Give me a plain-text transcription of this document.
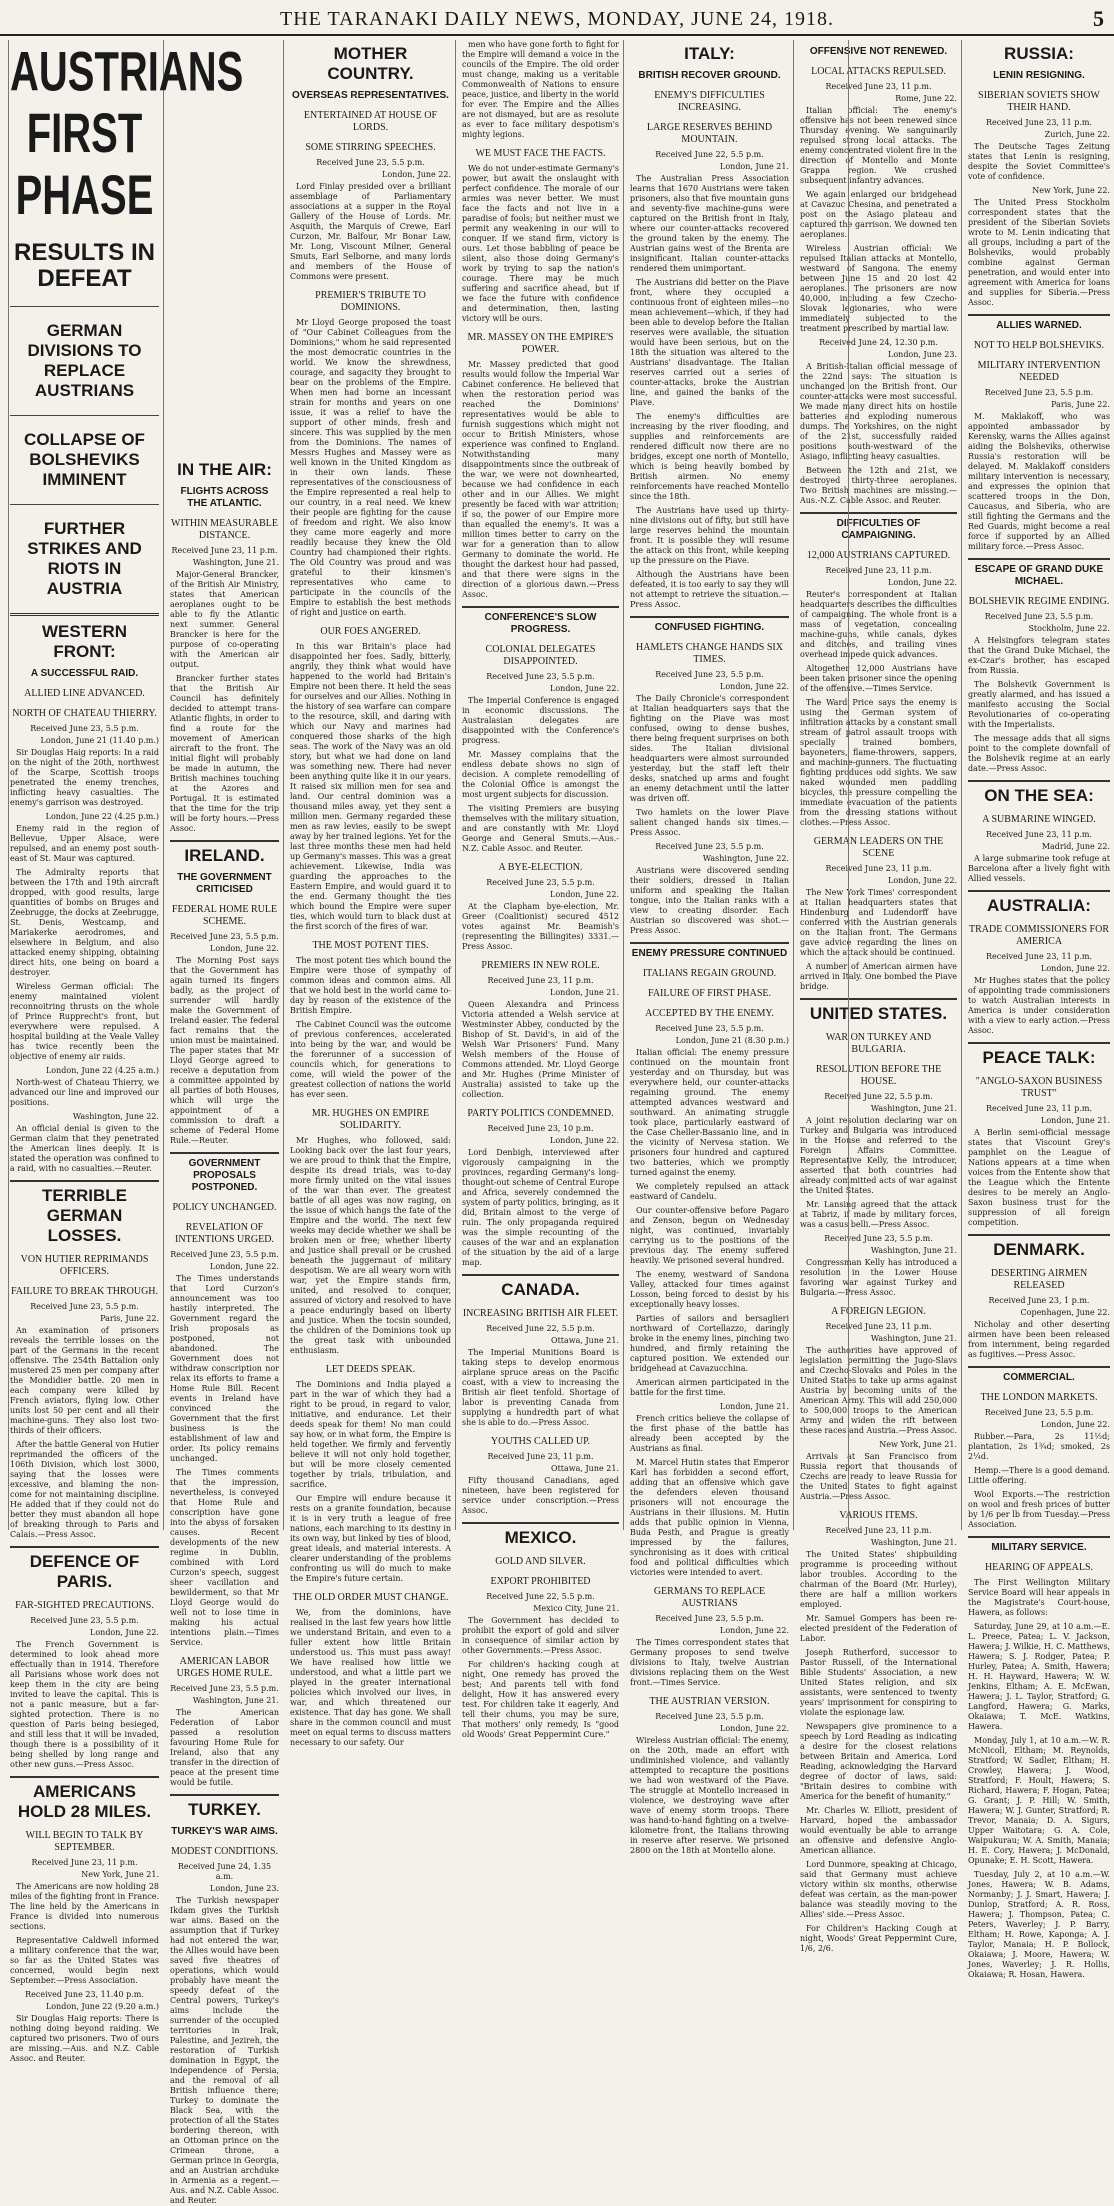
THE TARANAKI DAILY NEWS, MONDAY, JUNE 24, 1918.	5
AUSTRIANS FIRST PHASE
RESULTS IN DEFEAT
GERMAN DIVISIONS TO REPLACE AUSTRIANS
COLLAPSE OF BOLSHEVIKS IMMINENT
FURTHER STRIKES AND RIOTS IN AUSTRIA
WESTERN FRONT:
A SUCCESSFUL RAID.
ALLIED LINE ADVANCED.
NORTH OF CHATEAU THIERRY.
Received June 23, 5.5 p.m.
London, June 21 (11.40 p.m.)

Sir Douglas Haig reports: In a raid on the night of the 20th, northwest of the Scarpe, Scottish troops penetrated the enemy trenches, inflicting heavy casualties. The enemy's garrison was destroyed.

London, June 22 (4.25 p.m.)

Enemy raid in the region of Bellevue, Upper Alsace, were repulsed, and an enemy post south-east of St. Maur was captured.

The Admiralty reports that between the 17th and 19th aircraft dropped, with good results, large quantities of bombs on Bruges and Zeebrugge, the docks at Zeebrugge, St. Denis, Westcamp, and Mariakerke aerodromes, and elsewhere in Belgium, and also attacked enemy shipping, obtaining direct hits, one being on board a destroyer.

Wireless German official: The enemy maintained violent reconnoitring thrusts on the whole of Prince Rupprecht's front, but everywhere were repulsed. A hospital building at the Veale Valley has twice recently been the objective of enemy air raids.

London, June 22 (4.25 a.m.)

North-west of Chateau Thierry, we advanced our line and improved our positions.

Washington, June 22.

An official denial is given to the German claim that they penetrated the American lines deeply. It is stated the operation was confined to a raid, with no casualties.—Reuter.

TERRIBLE GERMAN LOSSES.
VON HUTIER REPRIMANDS OFFICERS.
FAILURE TO BREAK THROUGH.
Received June 23, 5.5 p.m.
Paris, June 22.

An examination of prisoners reveals the terrible losses on the part of the Germans in the recent offensive. The 254th Battalion only mustered 25 men per company after the Mondidier battle. 20 men in each company were killed by French aviators, flying low. Other units lost 50 per cent and all their machine-guns. They also lost two-thirds of their officers.

After the battle General von Hutier reprimanded the officers of the 106th Division, which lost 3000, saying that the losses were excessive, and blaming the non-come for not maintaining discipline. He added that if they could not do better they must abandon all hope of breaking through to Paris and Calais.—Press Assoc.

DEFENCE OF PARIS.
FAR-SIGHTED PRECAUTIONS.
Received June 23, 5.5 p.m.
London, June 22.

The French Government is determined to look ahead more effectually than in 1914. Therefore all Parisians whose work does not keep them in the city are being invited to leave the capital. This is not a panic measure, but a far-sighted protection. There is no question of Paris being besieged, and still less that it will be invaded, though there is a possibility of it being shelled by long range and other new guns.—Press Assoc.

AMERICANS HOLD 28 MILES.
WILL BEGIN TO TALK BY SEPTEMBER.
Received June 23, 11 p.m.
New York, June 21.

The Americans are now holding 28 miles of the fighting front in France. The line held by the Americans in France is divided into numerous sections.

Representative Caldwell informed a military conference that the war, so far as the United States was concerned, would begin next September.—Press Association.

Received June 23, 11.40 p.m.
London, June 22 (9.20 a.m.)

Sir Douglas Haig reports: There is nothing doing beyond raiding. We captured two prisoners. Two of ours are missing.—Aus. and N.Z. Cable Assoc. and Reuter.

IN THE AIR:
FLIGHTS ACROSS THE ATLANTIC.
WITHIN MEASURABLE DISTANCE.
Received June 23, 11 p.m.
Washington, June 21.

Major-General Brancker, of the British Air Ministry, states that American aeroplanes ought to be able to fly the Atlantic next summer. General Brancker is here for the purpose of co-operating with the American air output.

Brancker further states that the British Air Council has definitely decided to attempt trans-Atlantic flights, in order to find a route for the movement of American aircraft to the front. The initial flight will probably be made in autumn, the British machines touching at the Azores and Portugal. It is estimated that the time for the trip will be forty hours.—Press Assoc.

IRELAND.
THE GOVERNMENT CRITICISED
FEDERAL HOME RULE SCHEME.
Received June 23, 5.5 p.m.
London, June 22.

The Morning Post says that the Government has again turned its fingers badly, as the project of surrender will hardly make the Government of Ireland easier. The federal fact remains that the union must be maintained. The paper states that Mr Lloyd George agreed to receive a deputation from a committee appointed by all parties of both Houses, which will urge the appointment of a commission to draft a scheme of Federal Home Rule.—Reuter.

GOVERNMENT PROPOSALS POSTPONED.
POLICY UNCHANGED.
REVELATION OF INTENTIONS URGED.
Received June 23, 5.5 p.m.
London, June 22.

The Times understands that Lord Curzon's announcement was too hastily interpreted. The Government regard the Irish proposals as postponed, not abandoned. The Government does not withdraw conscription nor relax its efforts to frame a Home Rule Bill. Recent events in Ireland have convinced the Government that the first business is the establishment of law and order. Its policy remains unchanged.

The Times comments that the impression, nevertheless, is conveyed that Home Rule and conscription have gone into the abyss of forsaken causes. Recent developments of the new regime in Dublin, combined with Lord Curzon's speech, suggest sheer vacillation and bewilderment, so that Mr Lloyd George would do well not to lose time in making his actual intentions plain.—Times Service.

AMERICAN LABOR URGES HOME RULE.
Received June 23, 5.5 p.m.
Washington, June 21.

The American Federation of Labor passed a resolution favouring Home Rule for Ireland, also that any transfer in the direction of peace at the present time would be futile.

TURKEY.
TURKEY'S WAR AIMS.
MODEST CONDITIONS.
Received June 24, 1.35 a.m.
London, June 23.

The Turkish newspaper Ikdam gives the Turkish war aims. Based on the assumption that if Turkey had not entered the war, the Allies would have been saved five theatres of operations, which would probably have meant the speedy defeat of the Central powers, Turkey's aims include the surrender of the occupied territories in Irak, Palestine, and Jezireh, the restoration of Turkish domination in Egypt, the independence of Persia, and the removal of all British influence there; Turkey to dominate the Black Sea, with the protection of all the States bordering thereon, with an Ottoman prince on the Crimean throne, a German prince in Georgia, and an Austrian archduke in Armenia as a regent.—Aus. and N.Z. Cable Assoc. and Reuter.

MOTHER COUNTRY.
OVERSEAS REPRESENTATIVES.
ENTERTAINED AT HOUSE OF LORDS.
SOME STIRRING SPEECHES.
Received June 23, 5.5 p.m.
London, June 22.

Lord Finlay presided over a brilliant assemblage of Parliamentary associations at a supper in the Royal Gallery of the House of Lords. Mr. Asquith, the Marquis of Crewe, Earl Curzon, Mr. Balfour, Mr Bonar Law, Mr. Long, Viscount Milner, General Smuts, Earl Selborne, and many lords and members of the House of Commons were present.

PREMIER'S TRIBUTE TO DOMINIONS.

Mr Lloyd George proposed the toast of "Our Cabinet Colleagues from the Dominions," whom he said represented the most democratic countries in the world. We know the shrewdness, courage, and sagacity they brought to bear on the problems of the Empire. When men had borne an incessant strain for months and years on one issue, it was a relief to have the support of other minds, fresh and sincere. This was supplied by the men from the Dominions. The names of Messrs Hughes and Massey were as well known in the United Kingdom as in their own lands. These representatives of the consciousness of the Empire represented a real help to our country, in a real need. We knew their people are fighting for the cause of freedom and right. We also know they came more eagerly and more readily because they knew the Old Country had championed their rights. The Old Country was proud and was grateful to their kinsmen's representatives who came to participate in the councils of the Empire to establish the best methods of right and justice on earth.

OUR FOES ANGERED.

In this war Britain's place had disappointed her foes. Sadly, bitterly, angrily, they think what would have happened to the world had Britain's Empire not been there. It held the seas for ourselves and our Allies. Nothing in the history of sea warfare can compare to the resource, skill, and daring with which our Navy and marines had conquered those sharks of the high seas. The work of the Navy was an old story, but what we had done on land was something new. There had never been anything quite like it in our years. It raised six million men for sea and land. Our central dominion was a thousand miles away, yet they sent a million men. Germany regarded these men as raw levies, easily to be swept away by her trained legions. Yet for the last three months these men had held up Germany's masses. This was a great achievement. Likewise, India was guarding the approaches to the Eastern Empire, and would guard it to the end. Germany thought the ties which bound the Empire were super ties, which would turn to black dust at the first scorch of the fires of war.

THE MOST POTENT TIES.

The most potent ties which bound the Empire were those of sympathy of common ideas and common aims. All that we hold best in the world came to-day by reason of the existence of the British Empire.

The Cabinet Council was the outcome of previous conferences, accelerated into being by the war, and would be the forerunner of a succession of councils which, for generations to come, will wield the power of the greatest collection of nations the world has ever seen.

MR. HUGHES ON EMPIRE SOLIDARITY.

Mr Hughes, who followed, said: Looking back over the last four years, we are proud to think that the Empire, despite its dread trials, was to-day more firmly united on the vital issues of the war than ever. The greatest battle of all ages was now raging, on the issue of which hangs the fate of the Empire and the world. The next few weeks may decide whether we shall be broken men or free; whether liberty and justice shall prevail or be crushed beneath the juggernaut of military despotism. We are all weary worn with war, yet the Empire stands firm, united, and resolved to conquer, assured of victory and resolved to have a peace enduringly based on liberty and justice. When the tocsin sounded, the children of the Dominions took up the great task with unbounded enthusiasm.

LET DEEDS SPEAK.

The Dominions and India played a part in the war of which they had a right to be proud, in regard to valor, initiative, and endurance. Let their deeds speak for them! No man could say how, or in what form, the Empire is held together. We firmly and fervently believe it will not only hold together, but will be more closely cemented together by trials, tribulation, and sacrifice.

Our Empire will endure because it rests on a granite foundation, because it is in very truth a league of free nations, each marching to its destiny in its own way, but linked by ties of blood, great ideals, and material interests. A clearer understanding of the problems confronting us will do much to make the Empire's future certain.

THE OLD ORDER MUST CHANGE.

We, from the dominions, have realised in the last few years how little we understand Britain, and even to a fuller extent how little Britain understood us. This must pass away! We have realised how little we understood, and what a little part we played in the greater international policies which involved our lives, in war, and which threatened our existence. That day has gone. We shall share in the common council and must meet on equal terms to discuss matters necessary to our safety. Our

men who have gone forth to fight for the Empire will demand a voice in the councils of the Empire. The old order must change, making us a veritable Commonwealth of Nations to ensure peace, justice, and liberty in the world for ever. The Empire and the Allies are not dismayed, but are as resolute as ever to face military despotism's mighty legions.

WE MUST FACE THE FACTS.

We do not under-estimate Germany's power, but await the onslaught with perfect confidence. The morale of our armies was never better. We must face the facts and not live in a paradise of fools; but neither must we permit any weakening in our will to conquer. If we stand firm, victory is ours. Let those babbling of peace be silent, also those doing Germany's work by trying to sap the nation's courage. There may be much suffering and sacrifice ahead, but if we face the future with confidence and determination, then, lasting victory will be ours.

MR. MASSEY ON THE EMPIRE'S POWER.

Mr. Massey predicted that good results would follow the Imperial War Cabinet conference. He believed that when the restoration period was reached the Dominions' representatives would be able to furnish suggestions which might not occur to British Ministers, whose experience was confined to England. Notwithstanding many disappointments since the outbreak of the war, we were not downhearted, because we had confidence in each other and in our Allies. We might presently be faced with war attrition; if so, the power of our Empire more than equalled the enemy's. It was a million times better to carry on the war for a generation than to allow Germany to dominate the world. He thought the darkest hour had passed, and that there were signs in the direction of a glorious dawn.—Press Assoc.

CONFERENCE'S SLOW PROGRESS.
COLONIAL DELEGATES DISAPPOINTED.
Received June 23, 5.5 p.m.
London, June 22.

The Imperial Conference is engaged in economic discussions. The Australasian delegates are disappointed with the Conference's progress.

Mr. Massey complains that the endless debate shows no sign of decision. A complete remodelling of the Colonial Office is amongst the most urgent subjects for discussion.

The visiting Premiers are busying themselves with the military situation, and are constantly with Mr. Lloyd George and General Smuts.—Aus.-N.Z. Cable Assoc. and Reuter.

A BYE-ELECTION.
Received June 23, 5.5 p.m.
London, June 22.

At the Clapham bye-election, Mr. Greer (Coalitionist) secured 4512 votes against Mr. Beamish's (representing the Billingites) 3331.—Press Assoc.

PREMIERS IN NEW ROLE.
Received June 23, 11 p.m.
London, June 21.

Queen Alexandra and Princess Victoria attended a Welsh service at Westminster Abbey, conducted by the Bishop of St. David's, in aid of the Welsh War Prisoners' Fund. Many Welsh members of the House of Commons attended. Mr. Lloyd George and Mr. Hughes (Prime Minister of Australia) assisted to take up the collection.

PARTY POLITICS CONDEMNED.
Received June 23, 10 p.m.
London, June 22.

Lord Denbigh, interviewed after vigorously campaigning in the provinces, regarding Germany's long-thought-out scheme of Central Europe and Africa, severely condemned the system of party politics, bringing, as it did, Britain almost to the verge of ruin. The only propaganda required was the simple recounting of the causes of the war and an explanation of the situation by the aid of a large map.

CANADA.
INCREASING BRITISH AIR FLEET.
Received June 22, 5.5 p.m.
Ottawa, June 21.

The Imperial Munitions Board is taking steps to develop enormous airplane spruce areas on the Pacific coast, with a view to increasing the British air fleet tenfold. Shortage of labor is preventing Canada from supplying a hundredth part of what she is able to do.—Press Assoc.

YOUTHS CALLED UP.
Received June 23, 11 p.m.
Ottawa, June 21.

Fifty thousand Canadians, aged nineteen, have been registered for service under conscription.—Press Assoc.

MEXICO.
GOLD AND SILVER.
EXPORT PROHIBITED
Received June 22, 5.5 p.m.
Mexico City, June 21.

The Government has decided to prohibit the export of gold and silver in consequence of similar action by other Governments.—Press Assoc.

For children's hacking cough at night, One remedy has proved the best; And parents tell with fond delight, How it has answered every test. For children take it eagerly, And tell their chums, you may be sure, That mothers' only remedy, Is "good old Woods' Great Peppermint Cure."

ITALY:
BRITISH RECOVER GROUND.
ENEMY'S DIFFICULTIES INCREASING.
LARGE RESERVES BEHIND MOUNTAIN.
Received June 22, 5.5 p.m.
London, June 21.

The Australian Press Association learns that 1670 Austrians were taken prisoners, also that five mountain guns and seventy-five machine-guns were captured on the British front in Italy, where our counter-attacks recovered the ground taken by the enemy. The Austrian gains west of the Brenta are insignificant. Italian counter-attacks rendered them unimportant.

The Austrians did better on the Piave front, where they occupied a continuous front of eighteen miles—no mean achievement—which, if they had been able to develop before the Italian reserves were available, the situation would have been serious, but on the 18th the situation was altered to the Austrians' disadvantage. The Italian reserves carried out a series of counter-attacks, broke the Austrian line, and gained the banks of the Piave.

The enemy's difficulties are increasing by the river flooding, and supplies and reinforcements are rendered difficult now there are no bridges, except one north of Montello, which is being heavily bombed by British airmen. No enemy reinforcements have reached Montello since the 18th.

The Austrians have used up thirty-nine divisions out of fifty, but still have large reserves behind the mountain front. It is possible they will resume the attack on this front, while keeping up the pressure on the Piave.

Although the Austrians have been defeated, it is too early to say they will not attempt to retrieve the situation.—Press Assoc.

CONFUSED FIGHTING.
HAMLETS CHANGE HANDS SIX TIMES.
Received June 23, 5.5 p.m.
London, June 22.

The Daily Chronicle's correspondent at Italian headquarters says that the fighting on the Piave was most confused, owing to dense bushes, there being frequent surprises on both sides. The Italian divisional headquarters were almost surrounded yesterday, but the staff left their desks, snatched up arms and fought an enemy detachment until the latter was driven off.

Two hamlets on the lower Piave salient changed hands six times.—Press Assoc.

Received June 23, 5.5 p.m.
Washington, June 22.

Austrians were discovered sending their soldiers, dressed in Italian uniform and speaking the Italian tongue, into the Italian ranks with a view to creating disorder. Each Austrian so discovered was shot.—Press Assoc.

ENEMY PRESSURE CONTINUED
ITALIANS REGAIN GROUND.
FAILURE OF FIRST PHASE.
ACCEPTED BY THE ENEMY.
Received June 23, 5.5 p.m.
London, June 21 (8.30 p.m.)

Italian official: The enemy pressure continued on the mountain front yesterday and on Thursday, but was everywhere held, our counter-attacks regaining ground. The enemy attempted advances westward and southward. An animating struggle took place, particularly eastward of the Case Cheller-Bassanio line, and in the vicinity of Nervesa station. We prisoners four hundred and captured two batteries, which we promptly turned against the enemy.

We completely repulsed an attack eastward of Candelu.

Our counter-offensive before Pagaro and Zenson, begun on Wednesday night, was continued, invariably carrying us to the positions of the previous day. The enemy suffered heavily. We prisoned several hundred.

The enemy, westward of Sandona Valley, attacked four times against Losson, being forced to desist by his exceptionally heavy losses.

Parties of sailors and bersaglieri northward of Cortellazzo, daringly broke in the enemy lines, pinching two hundred, and firmly retaining the captured position. We extended our bridgehead at Cavazucchina.

American airmen participated in the battle for the first time.

London, June 21.

French critics believe the collapse of the first phase of the battle has already been accepted by the Austrians as final.

M. Marcel Hutin states that Emperor Karl has forbidden a second effort, adding that an offensive which gave the defenders eleven thousand prisoners will not encourage the Austrians in their illusions. M. Hutin adds that public opinion in Vienna, Buda Pesth, and Prague is greatly impressed by the failures, synchronising as it does with critical food and political difficulties which victories were intended to avert.

GERMANS TO REPLACE AUSTRIANS
Received June 23, 5.5 p.m.
London, June 22.

The Times correspondent states that Germany proposes to send twelve divisions to Italy, twelve Austrian divisions replacing them on the West front.—Times Service.

THE AUSTRIAN VERSION.
Received June 23, 5.5 p.m.
London, June 22.

Wireless Austrian official: The enemy, on the 20th, made an effort with undiminished violence, and valiantly attempted to recapture the positions we had won westward of the Piave. The struggle at Montello increased in violence, we destroying wave after wave of enemy storm troops. There was hand-to-hand fighting on a twelve-kilometre front, the Italians throwing in reserve after reserve. We prisoned 2800 on the 18th at Montello alone.

OFFENSIVE NOT RENEWED.
LOCAL ATTACKS REPULSED.
Received June 23, 11 p.m.
Rome, June 22.

Italian official: The enemy's offensive has not been renewed since Thursday evening. We sanguinarily repulsed strong local attacks. The enemy concentrated violent fire in the direction of Montello and Monte Grappa region. We crushed subsequent infantry advances.

We again enlarged our bridgehead at Cavazuc Chesina, and penetrated a post on the Asiago plateau and captured the garrison. We downed ten aeroplanes.

Wireless Austrian official: We repulsed Italian attacks at Montello, westward of Sangona. The enemy between June 15 and 20 lost 42 aeroplanes. The prisoners are now 40,000, including a few Czecho-Slovak legionaries, who were immediately subjected to the treatment prescribed by martial law.

Received June 24, 12.30 p.m.
London, June 23.

A British-Italian official message of the 22nd says: The situation is unchanged on the British front. Our counter-attacks were most successful. We made many direct hits on hostile batteries and exploding numerous dumps. The Yorkshires, on the night of the 21st, successfully raided positions south-westward of the Asiago, inflicting heavy casualties.

Between the 12th and 21st, we destroyed thirty-three aeroplanes. Two British machines are missing.—Aus.-N.Z. Cable Assoc. and Reuter.

DIFFICULTIES OF CAMPAIGNING.
12,000 AUSTRIANS CAPTURED.
Received June 23, 11 p.m.
London, June 22.

Reuter's correspondent at Italian headquarters describes the difficulties of campaigning. The whole front is a mass of vegetation, concealing machine-guns, while canals, dykes and ditches, and trailing vines overhead impede quick advances.

Altogether 12,000 Austrians have been taken prisoner since the opening of the offensive.—Times Service.

The Ward Price says the enemy is using the German system of infiltration attacks by a constant small stream of patrol assault troops with specially trained bombers, bayoneters, flame-throwers, sappers, and machine-gunners. The fluctuating fighting produces odd sights. We saw naked wounded men paddling bicycles, the pressure compelling the immediate evacuation of the patients from the dressing stations without clothes.—Press Assoc.

GERMAN LEADERS ON THE SCENE
Received June 23, 11 p.m.
London, June 22.

The New York Times' correspondent at Italian headquarters states that Hindenburg and Ludendorff have conferred with the Austrian generals on the Italian front. The Germans gave advice regarding the lines on which the attack should be continued.

A number of American airmen have arrived in Italy. One bombed the Piave bridge.

UNITED STATES.
WAR ON TURKEY AND BULGARIA.
RESOLUTION BEFORE THE HOUSE.
Received June 22, 5.5 p.m.
Washington, June 21.

A joint resolution declaring war on Turkey and Bulgaria was introduced in the House and referred to the Foreign Affairs Committee. Representative Kelly, the introducer, asserted that both countries had already committed acts of war against the United States.

Mr. Lansing agreed that the attack at Tabriz, if made by military forces, was a casus belli.—Press Assoc.

Received June 23, 5.5 p.m.
Washington, June 21.

Congressman Kelly has introduced a resolution in the Lower House favoring war against Turkey and Bulgaria.—Press Assoc.

A FOREIGN LEGION.
Received June 23, 11 p.m.
Washington, June 21.

The authorities have approved of legislation permitting the Jugo-Slavs and Czecho-Slovaks and Poles in the United States to take up arms against Austria by becoming units of the American Army. This will add 250,000 to 500,000 troops to the American Army and widen the rift between these races and Austria.—Press Assoc.

New York, June 21.

Arrivals at San Francisco from Russia report that thousands of Czechs are ready to leave Russia for the United States to fight against Austria.—Press Assoc.

VARIOUS ITEMS.
Received June 23, 11 p.m.
Washington, June 21.

The United States' shipbuilding programme is proceeding without labor troubles. According to the chairman of the Board (Mr. Hurley), there are half a million workers employed.

Mr. Samuel Gompers has been re-elected president of the Federation of Labor.

Joseph Rutherford, successor to Pastor Russell, of the International Bible Students' Association, a new United States religion, and six assistants, were sentenced to twenty years' imprisonment for conspiring to violate the espionage law.

Newspapers give prominence to a speech by Lord Reading as indicating a desire for the closest relations between Britain and America. Lord Reading, acknowledging the Harvard degree of doctor of laws, said: "Britain desires to combine with America for the benefit of humanity."

Mr. Charles W. Elliott, president of Harvard, hoped the ambassador would eventually be able to arrange an offensive and defensive Anglo-American alliance.

Lord Dunmore, speaking at Chicago, said that Germany must achieve victory within six months, otherwise defeat was certain, as the man-power balance was steadily moving to the Allies' side.—Press Assoc.

For Children's Hacking Cough at night, Woods' Great Peppermint Cure, 1/6, 2/6.

RUSSIA:
LENIN RESIGNING.
SIBERIAN SOVIETS SHOW THEIR HAND.
Received June 23, 11 p.m.
Zurich, June 22.

The Deutsche Tages Zeitung states that Lenin is resigning, despite the Soviet Committee's vote of confidence.

New York, June 22.

The United Press Stockholm correspondent states that the president of the Siberian Soviets wrote to M. Lenin indicating that all groups, including a part of the Bolsheviks, would probably combine against German penetration, and would enter into agreement with America for loans and supplies for Siberia.—Press Assoc.

ALLIES WARNED.
NOT TO HELP BOLSHEVIKS.
MILITARY INTERVENTION NEEDED
Received June 23, 5.5 p.m.
Paris, June 22.

M. Maklakoff, who was appointed ambassador by Kerensky, warns the Allies against aiding the Bolsheviks, otherwise Russia's restoration will be delayed. M. Maklakoff considers military intervention is necessary, and expresses the opinion that scattered troops in the Don, Caucasus, and Siberia, who are still fighting the Germans and the Red Guards, might become a real force if supported by an Allied military force.—Press Assoc.

ESCAPE OF GRAND DUKE MICHAEL.
BOLSHEVIK REGIME ENDING.
Received June 23, 5.5 p.m.
Stockholm, June 22.

A Helsingfors telegram states that the Grand Duke Michael, the ex-Czar's brother, has escaped from Russia.

The Bolshevik Government is greatly alarmed, and has issued a manifesto accusing the Social Revolutionaries of co-operating with the Imperialists.

The message adds that all signs point to the complete downfall of the Bolshevik regime at an early date.—Press Assoc.

ON THE SEA:
A SUBMARINE WINGED.
Received June 23, 11 p.m.
Madrid, June 22.

A large submarine took refuge at Barcelona after a lively fight with Allied vessels.

AUSTRALIA:
TRADE COMMISSIONERS FOR AMERICA
Received June 23, 11 p.m.
London, June 22.

Mr Hughes states that the policy of appointing trade commissioners to watch Australian interests in America is under consideration with a view to early action.—Press Assoc.

PEACE TALK:
"ANGLO-SAXON BUSINESS TRUST"
Received June 23, 11 p.m.
London, June 21.

A Berlin semi-official message states that Viscount Grey's pamphlet on the League of Nations appears at a time when voices from the Entente show that the League which the Entente desires to be merely an Anglo-Saxon business trust for the suppression of all foreign competition.

DENMARK.
DESERTING AIRMEN RELEASED
Received June 23, 1 p.m.
Copenhagen, June 22.

Nicholay and other deserting airmen have been been released from internment, being regarded as fugitives.—Press Assoc.

COMMERCIAL.
THE LONDON MARKETS.
Received June 23, 5.5 p.m.
London, June 22.

Rubber.—Para, 2s 11½d; plantation, 2s 1¾d; smoked, 2s 2¼d.

Hemp.—There is a good demand. Little offering.

Wool Exports.—The restriction on wool and fresh prices of butter by 1/6 per lb from Tuesday.—Press Association.

MILITARY SERVICE.
HEARING OF APPEALS.

The First Wellington Military Service Board will hear appeals in the Magistrate's Court-house, Hawera, as follows:

Saturday, June 29, at 10 a.m.—E. L. Preece, Patea; L. V. Jackson, Hawera; J. Wilkie, H. C. Matthews, Hawera; S. J. Rodger, Patea; P. Hurley, Patea; A. Smith, Hawera; H. H. Hayward, Hawera; W. W. Jenkins, Eltham; A. E. McEwan, Hawera; J. L. Taylor, Stratford; G. Langford, Hawera; G. Marks, Okaiawa; T. McE. Watkins, Hawera.

Monday, July 1, at 10 a.m.—W. R. McNicoll, Eltham; M. Reynolds, Stratford; W. Sadler, Eltham; H. Crowley, Hawera; J. Wood, Stratford; F. Hoult, Hawera; S. Richard, Hawera; F. Hogan, Patea; G. Grant; J. P. Hill; W. Smith, Hawera; W. J. Gunter, Stratford; R. Trevor, Manaia; D. A. Sigurs, Upper Waitotara; G. A. Cole, Waipukurau; W. A. Smith, Manaia; H. E. Cory, Hawera; J. McDonald, Opunake; E. H. Scott, Hawera.

Tuesday, July 2, at 10 a.m.—W. Jones, Hawera; W. B. Adams, Normanby; J. J. Smart, Hawera; J. Dunlop, Stratford; A. R. Ross, Hawera; J. Thompson, Patea; C. Peters, Waverley; J. P. Barry, Eltham; H. Rowe, Kaponga; A. J. Taylor, Manaia; H. P. Bollock, Okaiawa; J. Moore, Hawera; W. Jones, Waverley; J. R. Hollis, Okaiawa; R. Hosan, Hawera.
